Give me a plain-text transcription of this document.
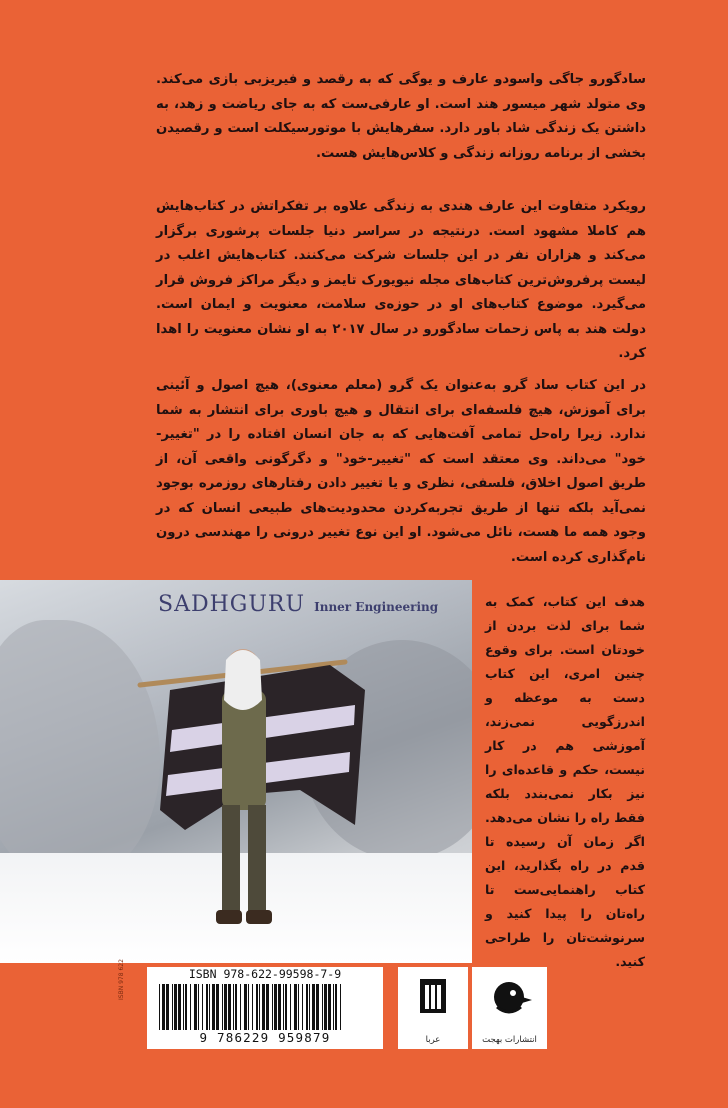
سادگورو جاگی واسودو عارف و یوگی که به رقصد و فیریزبی بازی می‌کند. وی متولد شهر میسور هند است. او عارفی‌ست که به جای ریاضت و زهد، به داشتن یک زندگی شاد باور دارد. سفرهایش با موتورسیکلت است و رقصیدن بخشی از برنامه روزانه زندگی و کلاس‌هایش هست.
رویکرد متفاوت این عارف هندی به زندگی علاوه بر تفکراتش در کتاب‌هایش هم کاملا مشهود است. درنتیجه در سراسر دنیا جلسات پرشوری برگزار می‌کند و هزاران نفر در این جلسات شرکت می‌کنند. کتاب‌هایش اغلب در لیست پرفروش‌ترین کتاب‌های مجله نیویورک تایمز و دیگر مراکز فروش قرار می‌گیرد. موضوع کتاب‌های او در حوزه‌ی سلامت، معنویت و ایمان است. دولت هند به پاس زحمات سادگورو در سال ۲۰۱۷ به او نشان معنویت را اهدا کرد.
در این کتاب ساد گرو به‌عنوان یک گرو (معلم معنوی)، هیچ اصول و آئینی برای آموزش، هیچ فلسفه‌ای برای انتقال و هیچ باوری برای انتشار به شما ندارد. زیرا راه‌حل تمامی آفت‌هایی که به جان انسان افتاده را در "تغییر-خود" می‌داند. وی معتقد است که "تغییر-خود" و دگرگونی واقعی آن، از طریق اصول اخلاق، فلسفی، نظری و یا تغییر دادن رفتارهای روزمره بوجود نمی‌آید بلکه تنها از طریق تجربه‌کردن محدودیت‌های طبیعی انسان که در وجود همه ما هست، نائل می‌شود. او این نوع تغییر درونی را مهندسی درون نام‌گذاری کرده است.
هدف این کتاب، کمک به شما برای لذت بردن از خودتان است. برای وقوع چنین امری، این کتاب دست به موعظه و اندرزگویی نمی‌زند، آموزشی هم در کار نیست، حکم و قاعده‌ای را نیز بکار نمی‌بندد بلکه فقط راه را نشان می‌دهد. اگر زمان آن رسیده تا قدم در راه بگذارید، این کتاب راهنمایی‌ست تا راه‌تان را پیدا کنید و سرنوشت‌تان را طراحی کنید.
SADHGURU Inner Engineering
ISBN 978 622	ISBN 978-622-99598-7-9
9 786229 959879	عربا	انتشارات بهجت
